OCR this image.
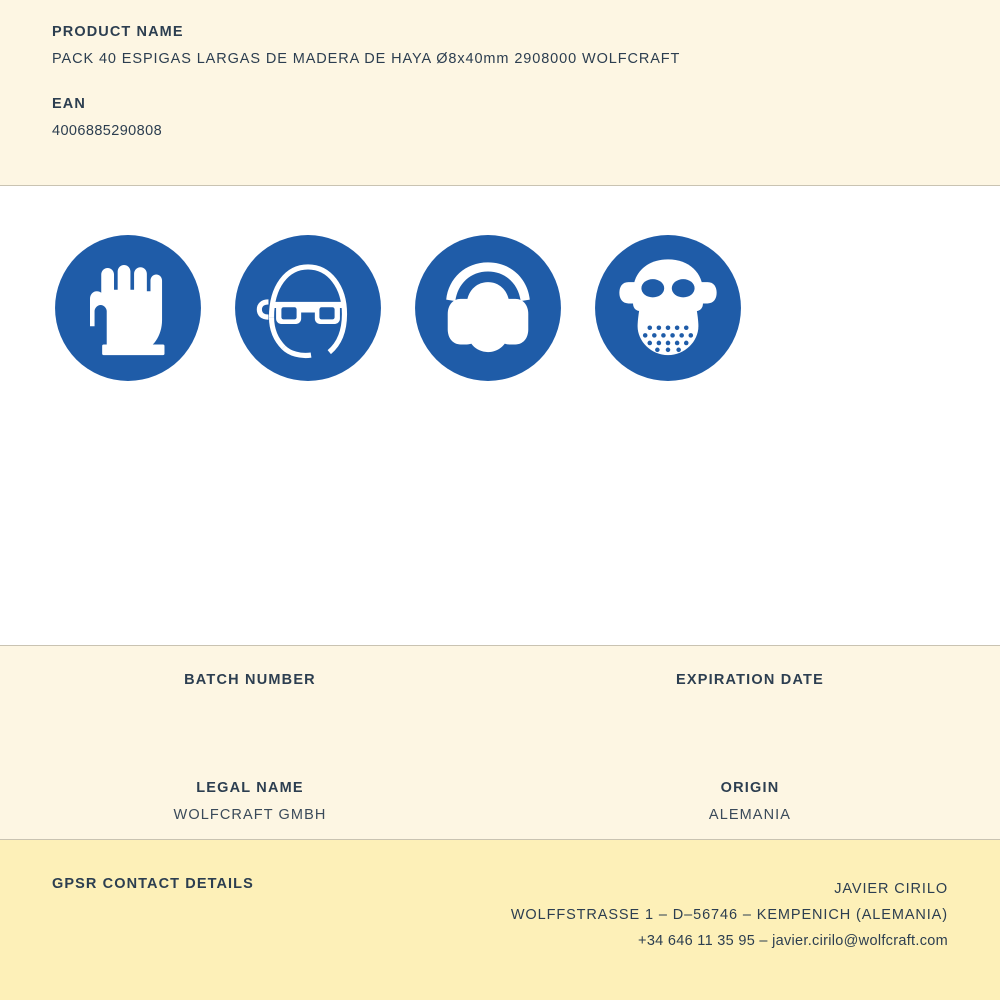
PRODUCT NAME
PACK 40 ESPIGAS LARGAS DE MADERA DE HAYA Ø8x40mm 2908000 WOLFCRAFT
EAN
4006885290808
BATCH NUMBER	EXPIRATION DATE
LEGAL NAME
WOLFCRAFT GMBH
ORIGIN
ALEMANIA
GPSR CONTACT DETAILS	JAVIER CIRILO
WOLFFSTRASSE 1 – D–56746 – KEMPENICH (ALEMANIA)
+34 646 11 35 95 – javier.cirilo@wolfcraft.com
